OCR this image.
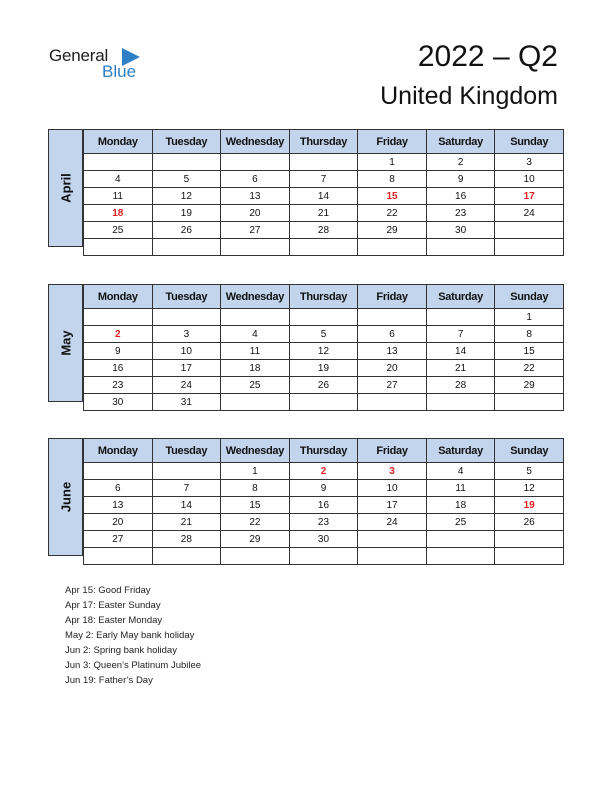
General
Blue	2022 – Q2
United Kingdom
April
Monday	Tuesday	Wednesday	Thursday	Friday	Saturday	Sunday
				1	2	3
4	5	6	7	8	9	10
11	12	13	14	15	16	17
18	19	20	21	22	23	24
25	26	27	28	29	30	

May
Monday	Tuesday	Wednesday	Thursday	Friday	Saturday	Sunday
						1
2	3	4	5	6	7	8
9	10	11	12	13	14	15
16	17	18	19	20	21	22
23	24	25	26	27	28	29
30	31					
June
Monday	Tuesday	Wednesday	Thursday	Friday	Saturday	Sunday
		1	2	3	4	5
6	7	8	9	10	11	12
13	14	15	16	17	18	19
20	21	22	23	24	25	26
27	28	29	30			

Apr 15: Good Friday
Apr 17: Easter Sunday
Apr 18: Easter Monday
May 2: Early May bank holiday
Jun 2: Spring bank holiday
Jun 3: Queen’s Platinum Jubilee
Jun 19: Father’s Day
